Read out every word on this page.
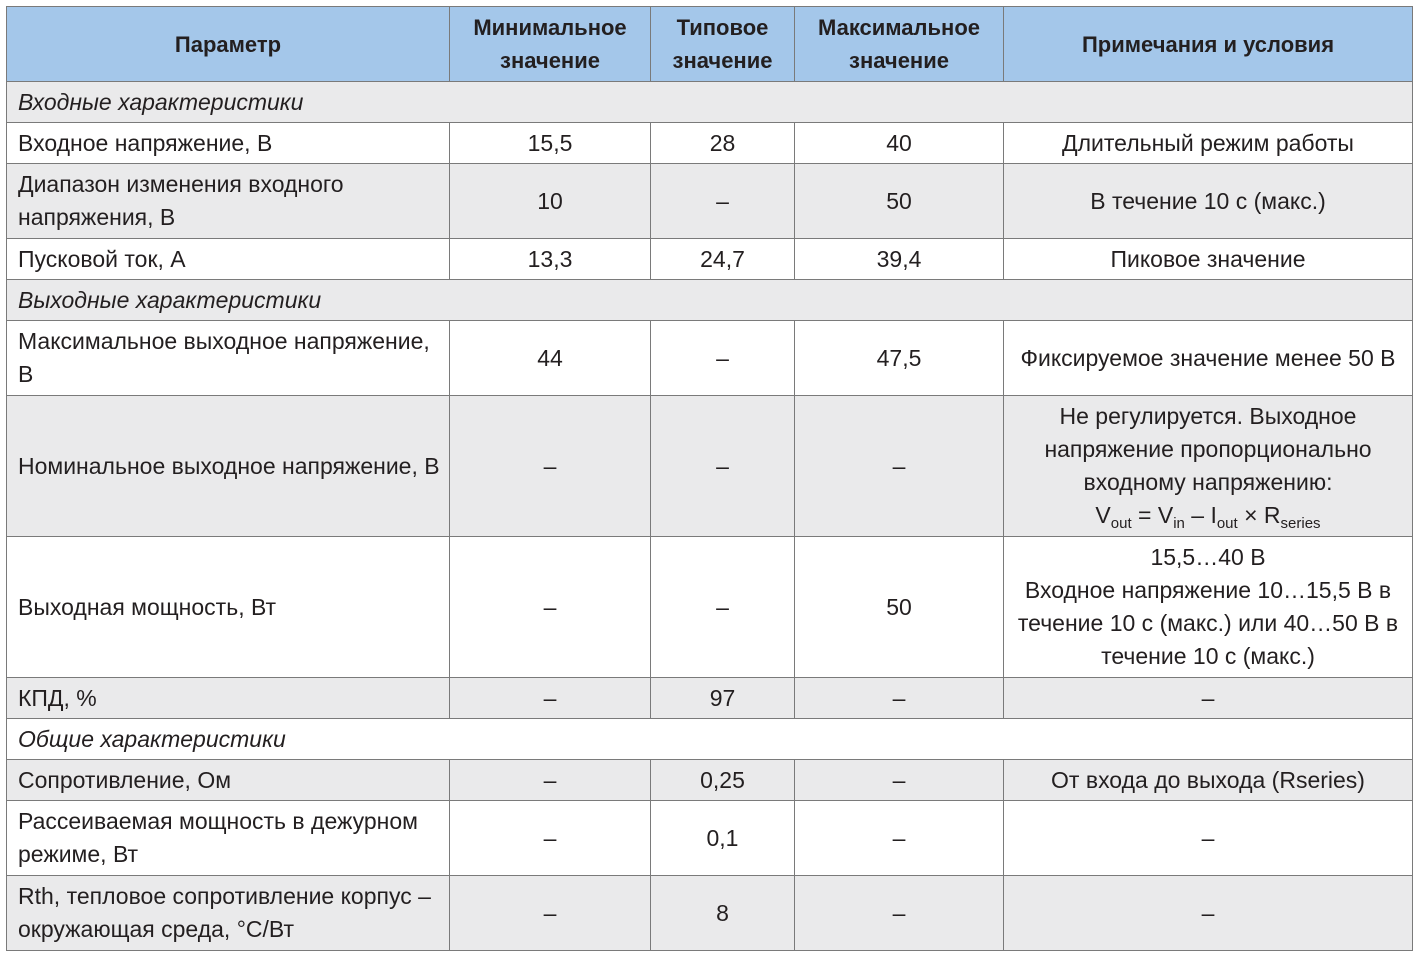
Параметр	Минимальное значение	Типовое значение	Максимальное значение	Примечания и условия
Входные характеристики				
Входное напряжение, В	15,5	28	40	Длительный режим работы
Диапазон изменения входного напряжения, В	10	–	50	В течение 10 с (макс.)
Пусковой ток, А	13,3	24,7	39,4	Пиковое значение
Выходные характеристики				
Максимальное выходное напряжение, В	44	–	47,5	Фиксируемое значение менее 50 В
Номинальное выходное напряжение, В	–	–	–	Не регулируется. Выходное напряжение пропорционально входному напряжению:
$V_{out} = V_{in} - I_{out} \times R_{series}$
Выходная мощность, Вт	–	–	50	15,5…40 В
Входное напряжение 10…15,5 В в течение 10 с (макс.) или 40…50 В в течение 10 с (макс.)
КПД, %	–	97	–	–
Общие характеристики				
Сопротивление, Ом	–	0,25	–	От входа до выхода (Rseries)
Рассеиваемая мощность в дежурном режиме, Вт	–	0,1	–	–
Rth, тепловое сопротивление корпус – окружающая среда, °С/Вт	–	8	–	–
